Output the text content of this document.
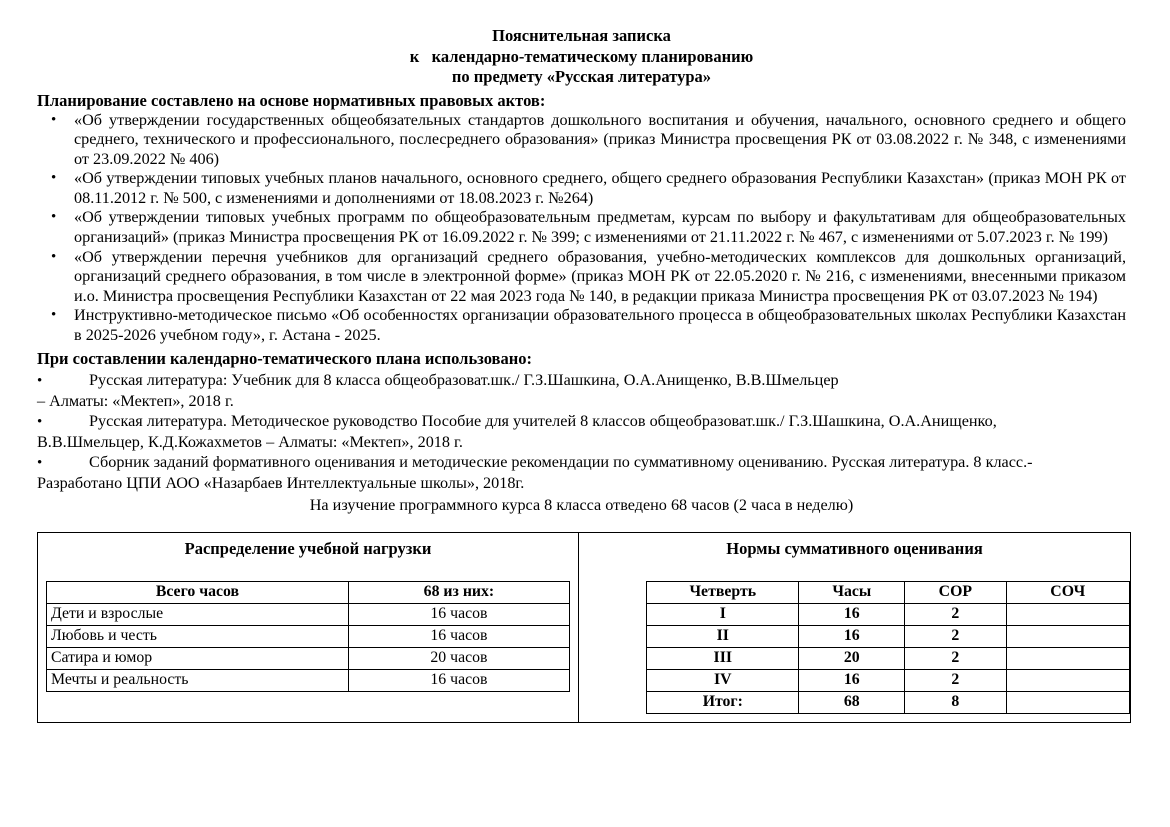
Пояснительная записка
к   календарно-тематическому планированию
по предмету «Русская литература»
Планирование составлено на основе нормативных правовых актов:
• «Об утверждении государственных общеобязательных стандартов дошкольного воспитания и обучения, начального, основного среднего и общего среднего, технического и профессионального, послесреднего образования» (приказ Министра просвещения РК от 03.08.2022 г. № 348, с изменениями от 23.09.2022 № 406)
• «Об утверждении типовых учебных планов начального, основного среднего, общего среднего образования Республики Казахстан» (приказ МОН РК от 08.11.2012 г. № 500, с изменениями и дополнениями от 18.08.2023 г. №264)
• «Об утверждении типовых учебных программ по общеобразовательным предметам, курсам по выбору и факультативам для общеобразовательных организаций» (приказ Министра просвещения РК от 16.09.2022 г. № 399; с изменениями от 21.11.2022 г. № 467, с изменениями от 5.07.2023 г. № 199)
• «Об утверждении перечня учебников для организаций среднего образования, учебно-методических комплексов для дошкольных организаций, организаций среднего образования, в том числе в электронной форме» (приказ МОН РК от 22.05.2020 г. № 216, с изменениями, внесенными приказом и.о. Министра просвещения Республики Казахстан от 22 мая 2023 года № 140, в редакции приказа Министра просвещения РК от 03.07.2023 № 194)
• Инструктивно-методическое письмо «Об особенностях организации образовательного процесса в общеобразовательных школах Республики Казахстан в 2025-2026 учебном году», г. Астана - 2025.
При составлении календарно-тематического плана использовано:
•	Русская литература: Учебник для 8 класса общеобразоват.шк./ Г.З.Шашкина, О.А.Анищенко, В.В.Шмельцер
– Алматы: «Мектеп», 2018 г.
•	Русская литература. Методическое руководство Пособие для учителей 8 классов общеобразоват.шк./ Г.З.Шашкина, О.А.Анищенко,
В.В.Шмельцер, К.Д.Кожахметов – Алматы: «Мектеп», 2018 г.
•	Сборник заданий формативного оценивания и методические рекомендации по суммативному оцениванию. Русская литература. 8 класс.-
Разработано ЦПИ АОО «Назарбаев Интеллектуальные школы», 2018г.
На изучение программного курса 8 класса отведено 68 часов (2 часа в неделю)
Распределение учебной нагрузки
Всего часов	68 из них:
Дети и взрослые	16 часов
Любовь и честь	16 часов
Сатира и юмор	20 часов
Мечты и реальность	16 часов

Нормы суммативного оценивания
	Четверть	Часы	СОР	СОЧ
	I	16	2	
	II	16	2	
	III	20	2	
	IV	16	2	
	Итог:	68	8	
